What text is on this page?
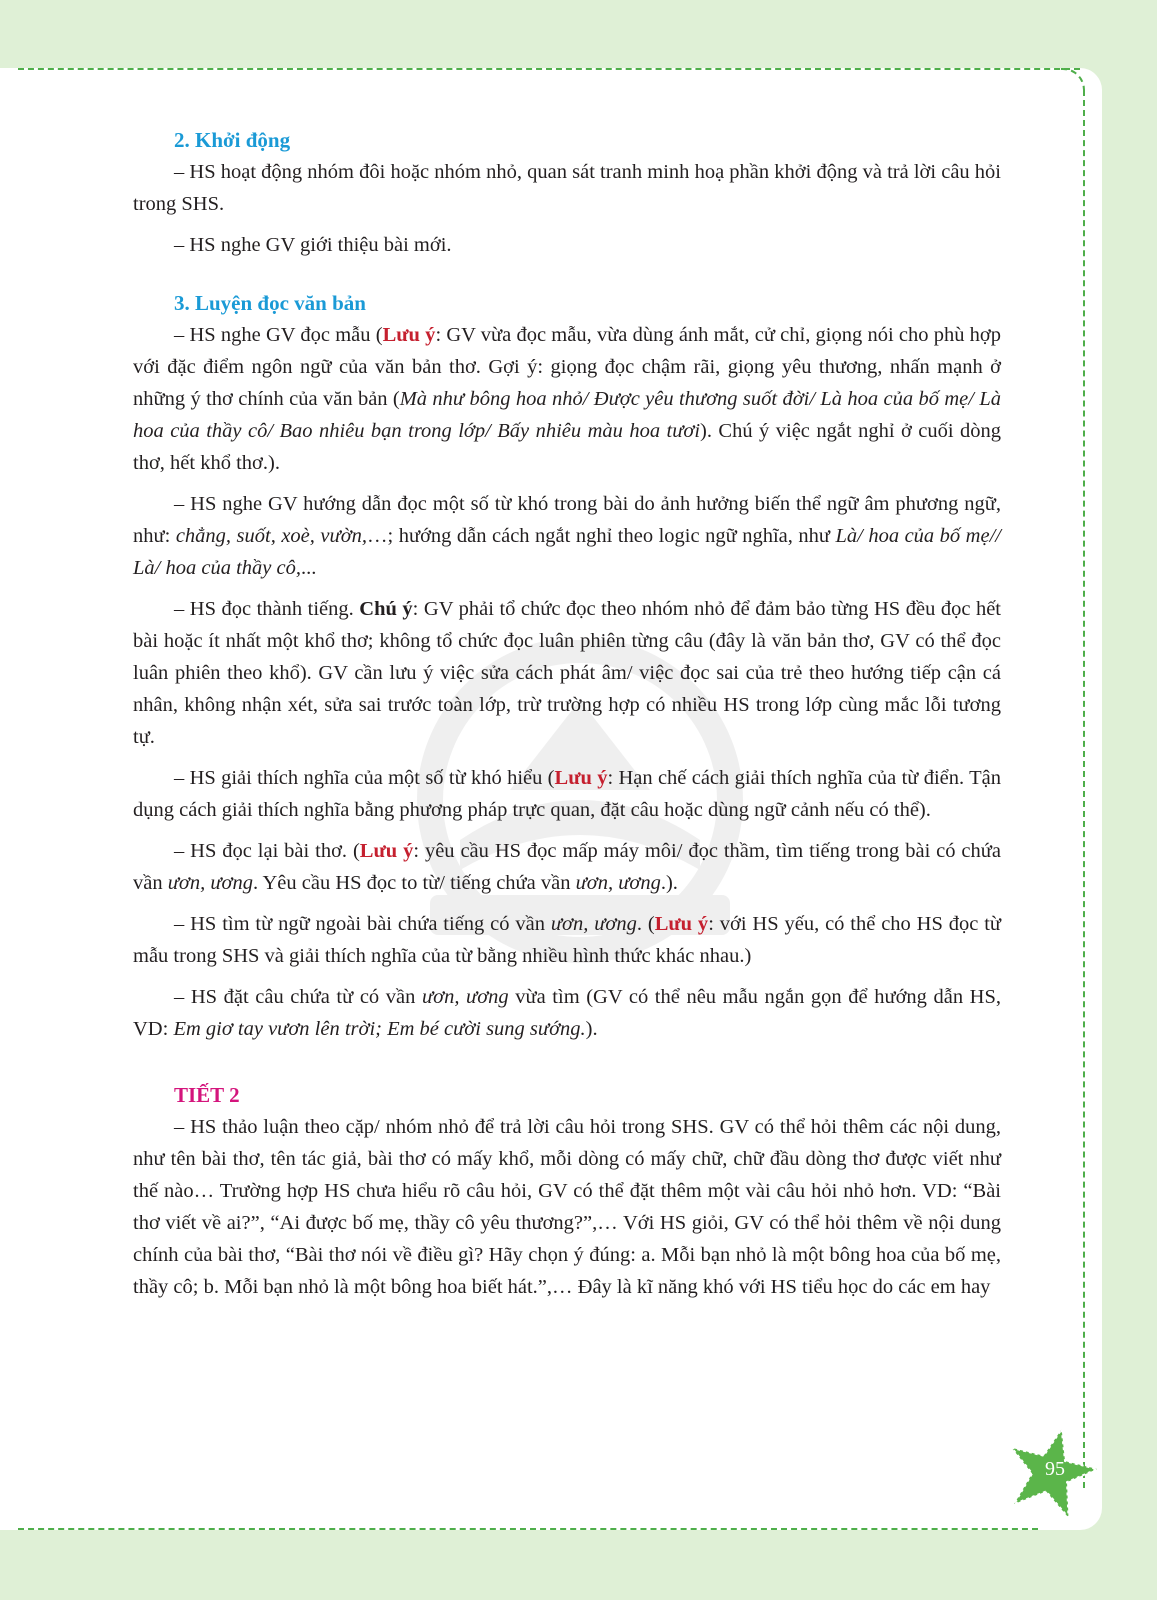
2. Khởi động

– HS hoạt động nhóm đôi hoặc nhóm nhỏ, quan sát tranh minh hoạ phần khởi động và trả lời câu hỏi trong SHS.

– HS nghe GV giới thiệu bài mới.

3. Luyện đọc văn bản

– HS nghe GV đọc mẫu (Lưu ý: GV vừa đọc mẫu, vừa dùng ánh mắt, cử chỉ, giọng nói cho phù hợp với đặc điểm ngôn ngữ của văn bản thơ. Gợi ý: giọng đọc chậm rãi, giọng yêu thương, nhấn mạnh ở những ý thơ chính của văn bản (Mà như bông hoa nhỏ/ Được yêu thương suốt đời/ Là hoa của bố mẹ/ Là hoa của thầy cô/ Bao nhiêu bạn trong lớp/ Bấy nhiêu màu hoa tươi). Chú ý việc ngắt nghỉ ở cuối dòng thơ, hết khổ thơ.).

– HS nghe GV hướng dẫn đọc một số từ khó trong bài do ảnh hưởng biến thể ngữ âm phương ngữ, như: chẳng, suốt, xoè, vườn,…; hướng dẫn cách ngắt nghỉ theo logic ngữ nghĩa, như Là/ hoa của bố mẹ// Là/ hoa của thầy cô,...

– HS đọc thành tiếng. Chú ý: GV phải tổ chức đọc theo nhóm nhỏ để đảm bảo từng HS đều đọc hết bài hoặc ít nhất một khổ thơ; không tổ chức đọc luân phiên từng câu (đây là văn bản thơ, GV có thể đọc luân phiên theo khổ). GV cần lưu ý việc sửa cách phát âm/ việc đọc sai của trẻ theo hướng tiếp cận cá nhân, không nhận xét, sửa sai trước toàn lớp, trừ trường hợp có nhiều HS trong lớp cùng mắc lỗi tương tự.

– HS giải thích nghĩa của một số từ khó hiểu (Lưu ý: Hạn chế cách giải thích nghĩa của từ điển. Tận dụng cách giải thích nghĩa bằng phương pháp trực quan, đặt câu hoặc dùng ngữ cảnh nếu có thể).

– HS đọc lại bài thơ. (Lưu ý: yêu cầu HS đọc mấp máy môi/ đọc thầm, tìm tiếng trong bài có chứa vần ươn, ương. Yêu cầu HS đọc to từ/ tiếng chứa vần ươn, ương.).

– HS tìm từ ngữ ngoài bài chứa tiếng có vần ươn, ương. (Lưu ý: với HS yếu, có thể cho HS đọc từ mẫu trong SHS và giải thích nghĩa của từ bằng nhiều hình thức khác nhau.)

– HS đặt câu chứa từ có vần ươn, ương vừa tìm (GV có thể nêu mẫu ngắn gọn để hướng dẫn HS, VD: Em giơ tay vươn lên trời; Em bé cười sung sướng.).

TIẾT 2

– HS thảo luận theo cặp/ nhóm nhỏ để trả lời câu hỏi trong SHS. GV có thể hỏi thêm các nội dung, như tên bài thơ, tên tác giả, bài thơ có mấy khổ, mỗi dòng có mấy chữ, chữ đầu dòng thơ được viết như thế nào… Trường hợp HS chưa hiểu rõ câu hỏi, GV có thể đặt thêm một vài câu hỏi nhỏ hơn. VD: “Bài thơ viết về ai?”, “Ai được bố mẹ, thầy cô yêu thương?”,… Với HS giỏi, GV có thể hỏi thêm về nội dung chính của bài thơ, “Bài thơ nói về điều gì? Hãy chọn ý đúng: a. Mỗi bạn nhỏ là một bông hoa của bố mẹ, thầy cô; b. Mỗi bạn nhỏ là một bông hoa biết hát.”,… Đây là kĩ năng khó với HS tiểu học do các em hay

95
